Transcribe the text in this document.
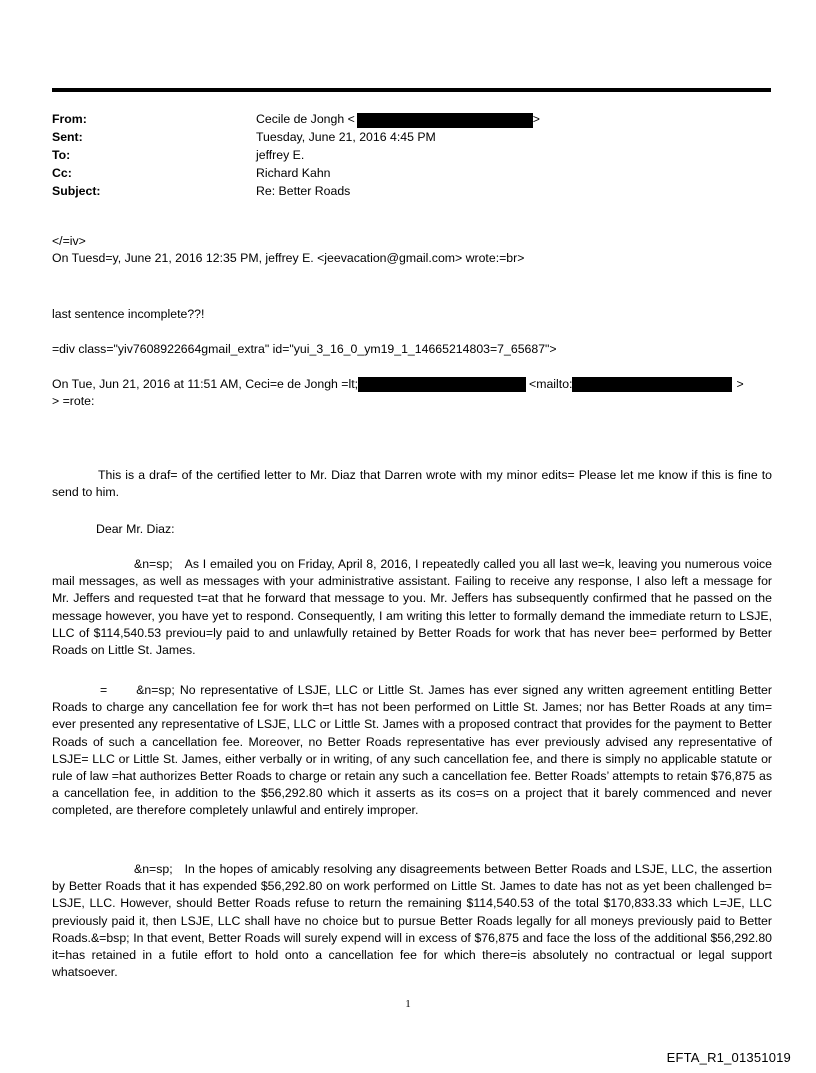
From:	Cecile de Jongh <	>
Sent:	Tuesday, June 21, 2016 4:45 PM
To:	jeffrey E.
Cc:	Richard Kahn
Subject:	Re: Better Roads
</=iv>
On Tuesd=y, June 21, 2016 12:35 PM, jeffrey E. <jeevacation@gmail.com> wrote:=br>
last sentence incomplete??!
=div class="yiv7608922664gmail_extra" id="yui_3_16_0_ym19_1_14665214803=7_65687">
On Tue, Jun 21, 2016 at 11:51 AM, Ceci=e de Jongh =lt;	<mailto:	>
> =rote:
This is a draf= of the certified letter to Mr. Diaz that Darren wrote with my minor edits= Please let me know if this is fine to send to him.
Dear Mr. Diaz:
&n=sp; As I emailed you on Friday, April 8, 2016, I repeatedly called you all last we=k, leaving you numerous voice mail messages, as well as messages with your administrative assistant. Failing to receive any response, I also left a message for Mr. Jeffers and requested t=at that he forward that message to you. Mr. Jeffers has subsequently confirmed that he passed on the message however, you have yet to respond. Consequently, I am writing this letter to formally demand the immediate return to LSJE, LLC of $114,540.53 previou=ly paid to and unlawfully retained by Better Roads for work that has never bee= performed by Better Roads on Little St. James.
= &n=sp; No representative of LSJE, LLC or Little St. James has ever signed any written agreement entitling Better Roads to charge any cancellation fee for work th=t has not been performed on Little St. James; nor has Better Roads at any tim= ever presented any representative of LSJE, LLC or Little St. James with a proposed contract that provides for the payment to Better Roads of such a cancellation fee. Moreover, no Better Roads representative has ever previously advised any representative of LSJE= LLC or Little St. James, either verbally or in writing, of any such cancellation fee, and there is simply no applicable statute or rule of law =hat authorizes Better Roads to charge or retain any such a cancellation fee. Better Roads’ attempts to retain $76,875 as a cancellation fee, in addition to the $56,292.80 which it asserts as its cos=s on a project that it barely commenced and never completed, are therefore completely unlawful and entirely improper.
&n=sp; In the hopes of amicably resolving any disagreements between Better Roads and LSJE, LLC, the assertion by Better Roads that it has expended $56,292.80 on work performed on Little St. James to date has not as yet been challenged b= LSJE, LLC. However, should Better Roads refuse to return the remaining $114,540.53 of the total $170,833.33 which L=JE, LLC previously paid it, then LSJE, LLC shall have no choice but to pursue Better Roads legally for all moneys previously paid to Better Roads.&=bsp; In that event, Better Roads will surely expend will in excess of $76,875 and face the loss of the additional $56,292.80 it=has retained in a futile effort to hold onto a cancellation fee for which there=is absolutely no contractual or legal support whatsoever.
1
EFTA_R1_01351019
